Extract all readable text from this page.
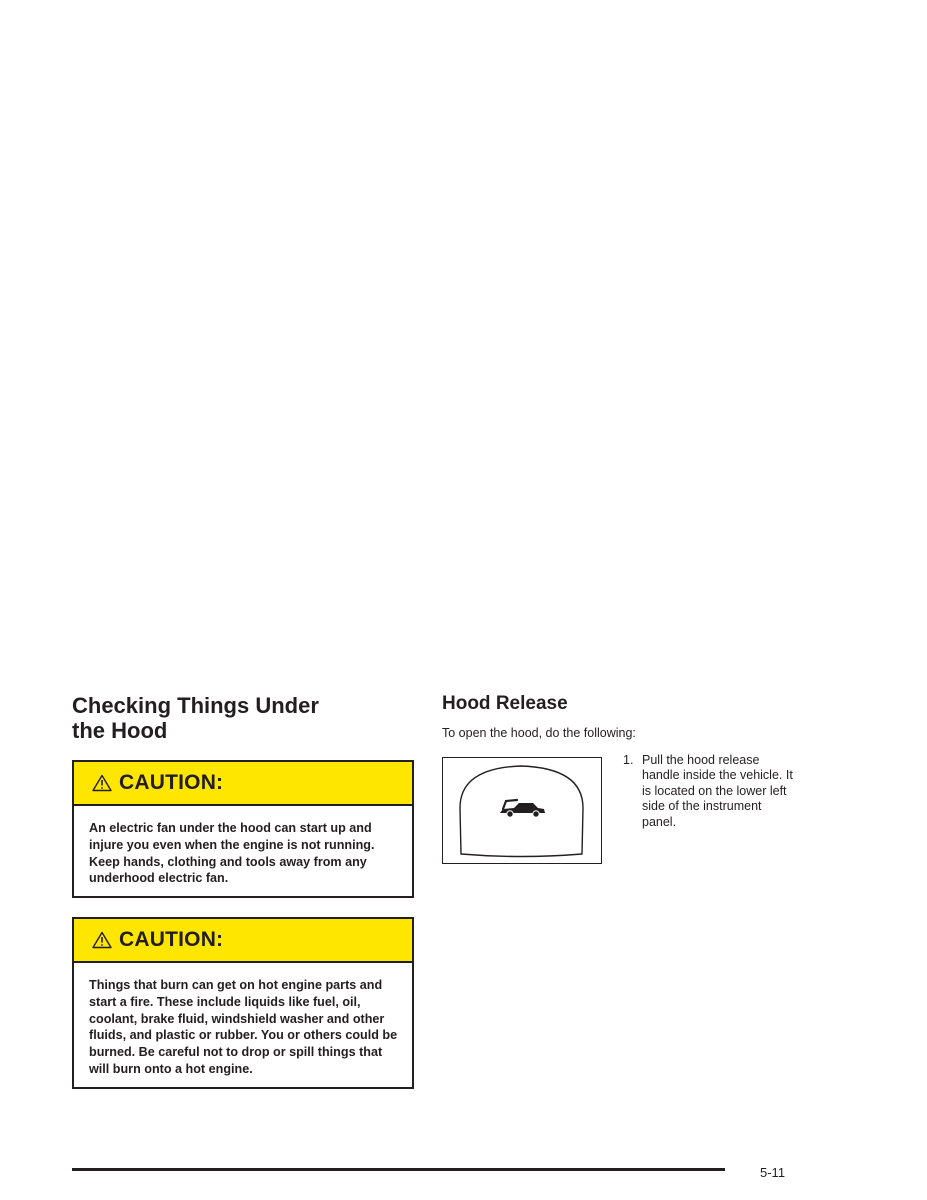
Checking Things Under
the Hood
CAUTION:
An electric fan under the hood can start up and injure you even when the engine is not running. Keep hands, clothing and tools away from any underhood electric fan.
CAUTION:
Things that burn can get on hot engine parts and start a fire. These include liquids like fuel, oil, coolant, brake fluid, windshield washer and other fluids, and plastic or rubber. You or others could be burned. Be careful not to drop or spill things that will burn onto a hot engine.
Hood Release
To open the hood, do the following:
1. Pull the hood release handle inside the vehicle. It is located on the lower left side of the instrument panel.
5-11
